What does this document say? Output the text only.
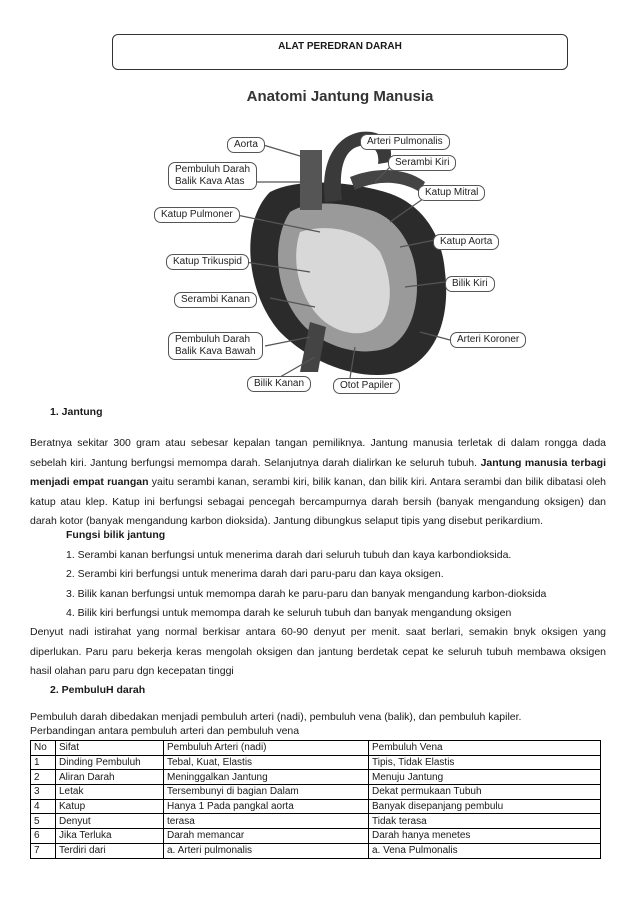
ALAT PEREDRAN DARAH
Anatomi Jantung Manusia
Aorta	Arteri Pulmonalis
Serambi Kiri
Pembuluh Darah
Balik Kava Atas
Katup Mitral
Katup Pulmoner
Katup Aorta
Katup Trikuspid
Bilik Kiri
Serambi Kanan
Arteri Koroner
Pembuluh Darah
Balik Kava Bawah
Bilik Kanan	Otot Papiler
1. Jantung
Beratnya sekitar 300 gram atau sebesar kepalan tangan pemiliknya. Jantung manusia terletak di dalam rongga dada sebelah kiri. Jantung berfungsi memompa darah. Selanjutnya darah dialirkan ke seluruh tubuh. Jantung manusia terbagi menjadi empat ruangan yaitu serambi kanan, serambi kiri, bilik kanan, dan bilik kiri. Antara serambi dan bilik dibatasi oleh katup atau klep. Katup ini berfungsi sebagai pencegah bercampurnya darah bersih (banyak mengandung oksigen) dan darah kotor (banyak mengandung karbon dioksida). Jantung dibungkus selaput tipis yang disebut perikardium.
Fungsi bilik jantung
1. Serambi kanan berfungsi untuk menerima darah dari seluruh tubuh dan kaya karbondioksida.
2. Serambi kiri berfungsi untuk menerima darah dari paru-paru dan kaya oksigen.
3. Bilik kanan berfungsi untuk memompa darah ke paru-paru dan banyak mengandung karbon-dioksida
4. Bilik kiri berfungsi untuk memompa darah ke seluruh tubuh dan banyak mengandung oksigen
Denyut nadi istirahat yang normal berkisar antara 60-90 denyut per menit. saat berlari, semakin bnyk oksigen yang diperlukan. Paru paru bekerja keras mengolah oksigen dan jantung berdetak cepat ke seluruh tubuh membawa oksigen hasil olahan paru paru dgn kecepatan tinggi
2. PembuluH darah
Pembuluh darah dibedakan menjadi pembuluh arteri (nadi), pembuluh vena (balik), dan pembuluh kapiler.
Perbandingan antara pembuluh arteri dan pembuluh vena
No	Sifat	Pembuluh Arteri (nadi)	Pembuluh Vena
1	Dinding Pembuluh	Tebal, Kuat, Elastis	Tipis, Tidak Elastis
2	Aliran Darah	Meninggalkan Jantung	Menuju Jantung
3	Letak	Tersembunyi di bagian Dalam	Dekat permukaan Tubuh
4	Katup	Hanya 1 Pada pangkal aorta	Banyak disepanjang pembulu
5	Denyut	terasa	Tidak terasa
6	Jika Terluka	Darah memancar	Darah hanya menetes
7	Terdiri dari	a. Arteri pulmonalis	a. Vena Pulmonalis
